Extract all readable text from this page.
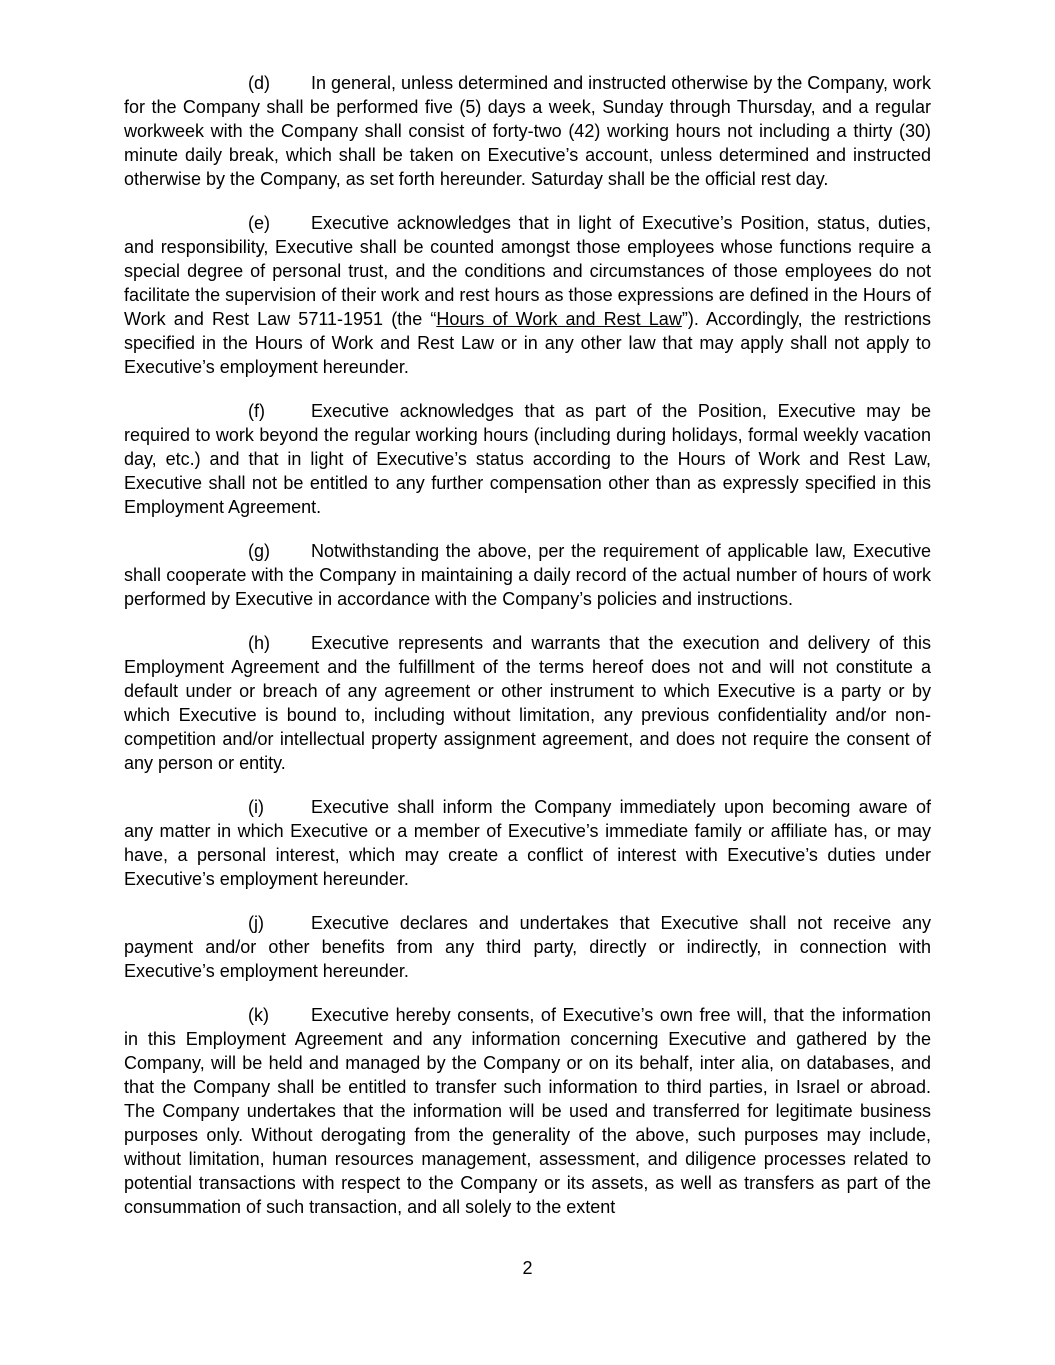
(d) In general, unless determined and instructed otherwise by the Company, work for the Company shall be performed five (5) days a week, Sunday through Thursday, and a regular workweek with the Company shall consist of forty-two (42) working hours not including a thirty (30) minute daily break, which shall be taken on Executive’s account, unless determined and instructed otherwise by the Company, as set forth hereunder. Saturday shall be the official rest day.

(e) Executive acknowledges that in light of Executive’s Position, status, duties, and responsibility, Executive shall be counted amongst those employees whose functions require a special degree of personal trust, and the conditions and circumstances of those employees do not facilitate the supervision of their work and rest hours as those expressions are defined in the Hours of Work and Rest Law 5711-1951 (the “Hours of Work and Rest Law”). Accordingly, the restrictions specified in the Hours of Work and Rest Law or in any other law that may apply shall not apply to Executive’s employment hereunder.

(f)	Executive acknowledges that as part of the Position, Executive may be required to work beyond the regular working hours (including during holidays, formal weekly vacation day, etc.) and that in light of Executive’s status according to the Hours of Work and Rest Law, Executive shall not be entitled to any further compensation other than as expressly specified in this Employment Agreement.

(g) Notwithstanding the above, per the requirement of applicable law, Executive shall cooperate with the Company in maintaining a daily record of the actual number of hours of work performed by Executive in accordance with the Company’s policies and instructions.

(h) Executive represents and warrants that the execution and delivery of this Employment Agreement and the fulfillment of the terms hereof does not and will not constitute a default under or breach of any agreement or other instrument to which Executive is a party or by which Executive is bound to, including without limitation, any previous confidentiality and/or non-competition and/or intellectual property assignment agreement, and does not require the consent of any person or entity.

(i)	Executive shall inform the Company immediately upon becoming aware of any matter in which Executive or a member of Executive’s immediate family or affiliate has, or may have, a personal interest, which may create a conflict of interest with Executive’s duties under Executive’s employment hereunder.

(j)	Executive declares and undertakes that Executive shall not receive any payment and/or other benefits from any third party, directly or indirectly, in connection with Executive’s employment hereunder.

(k) Executive hereby consents, of Executive’s own free will, that the information in this Employment Agreement and any information concerning Executive and gathered by the Company, will be held and managed by the Company or on its behalf, inter alia, on databases, and that the Company shall be entitled to transfer such information to third parties, in Israel or abroad. The Company undertakes that the information will be used and transferred for legitimate business purposes only. Without derogating from the generality of the above, such purposes may include, without limitation, human resources management, assessment, and diligence processes related to potential transactions with respect to the Company or its assets, as well as transfers as part of the consummation of such transaction, and all solely to the extent

2
